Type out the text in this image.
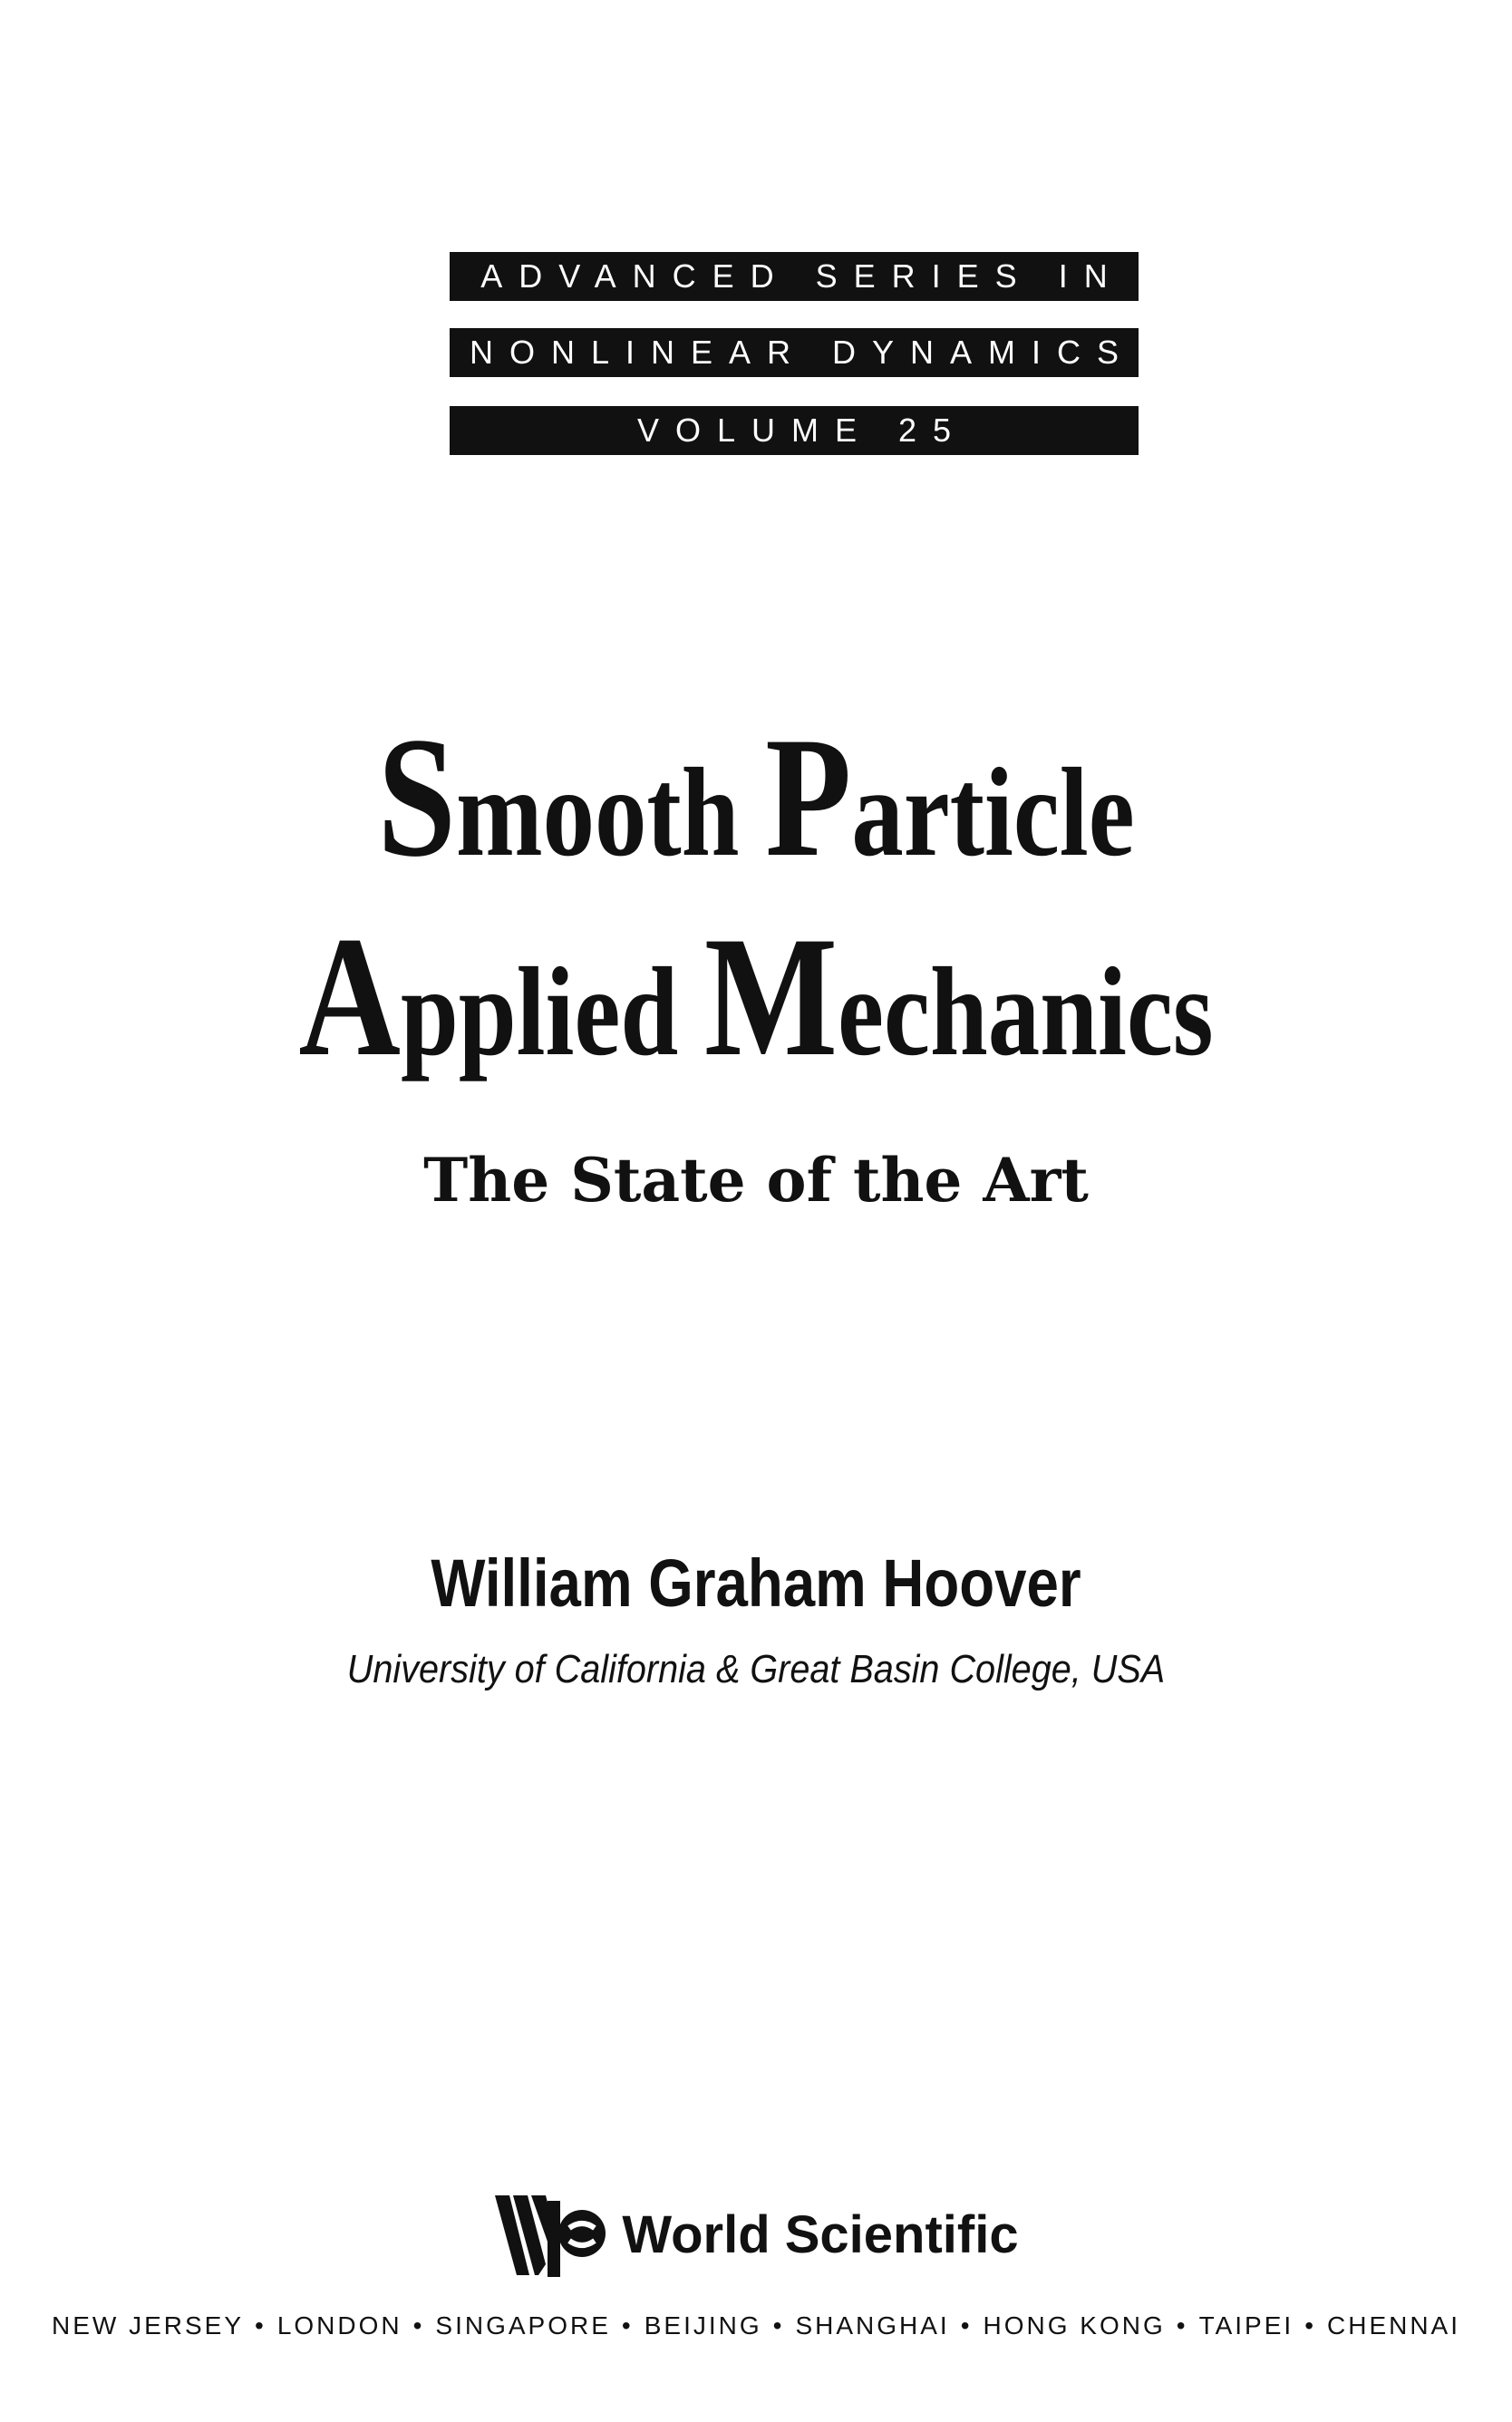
ADVANCED SERIES IN
NONLINEAR DYNAMICS
VOLUME 25
Smooth Particle
Applied Mechanics
The State of the Art
William Graham Hoover
University of California & Great Basin College, USA
World Scientific
NEW JERSEY • LONDON • SINGAPORE • BEIJING • SHANGHAI • HONG KONG • TAIPEI • CHENNAI
